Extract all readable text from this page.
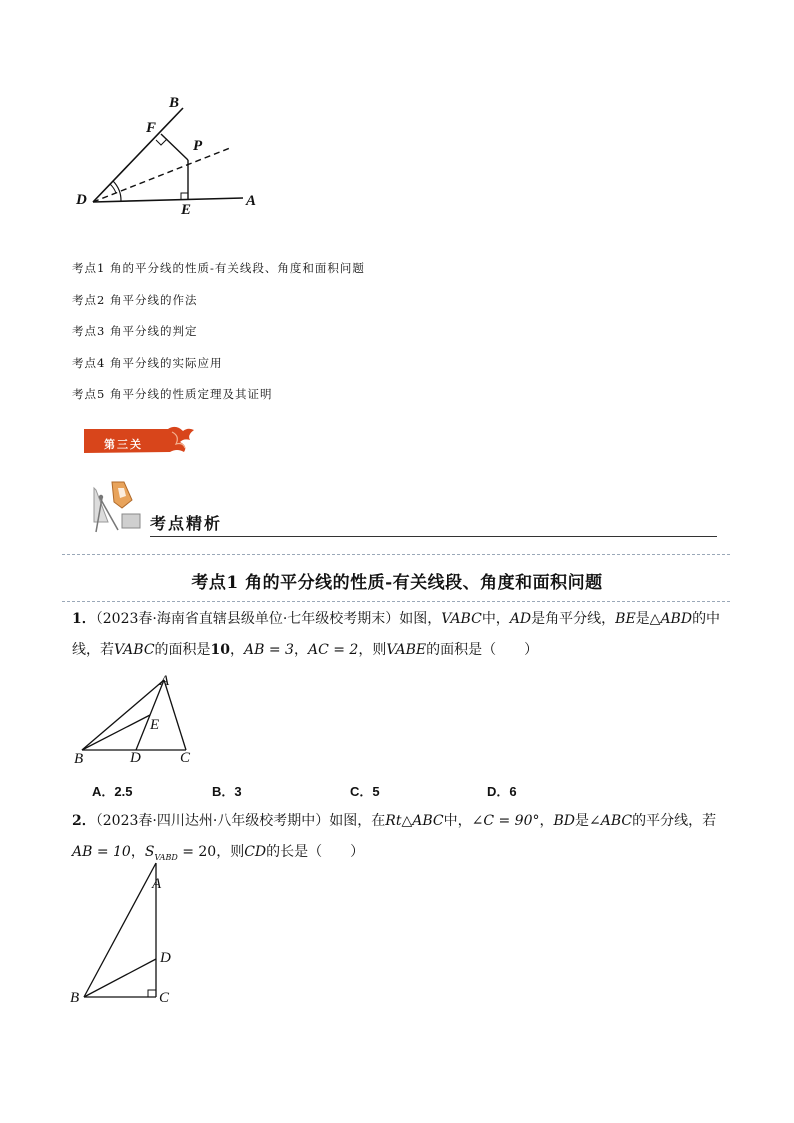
B
F
P
D
E
A
考点1 角的平分线的性质-有关线段、角度和面积问题
考点2 角平分线的作法
考点3 角平分线的判定
考点4 角平分线的实际应用
考点5 角平分线的性质定理及其证明
第三关
考点精析
考点1 角的平分线的性质-有关线段、角度和面积问题
1．（2023春·海南省直辖县级单位·七年级校考期末）如图，VABC中，AD是角平分线，BE是△ABD的中
线，若VABC的面积是10，AB = 3，AC = 2，则VABE的面积是（　　）
A
E
B	D	C
A．2.5	B．3	C．5	D．6
2．（2023春·四川达州·八年级校考期中）如图，在Rt△ABC中，∠C = 90°，BD是∠ABC的平分线，若
AB = 10，$S_{VABD} = 20$，则CD的长是（　　）
A
D
B	C
